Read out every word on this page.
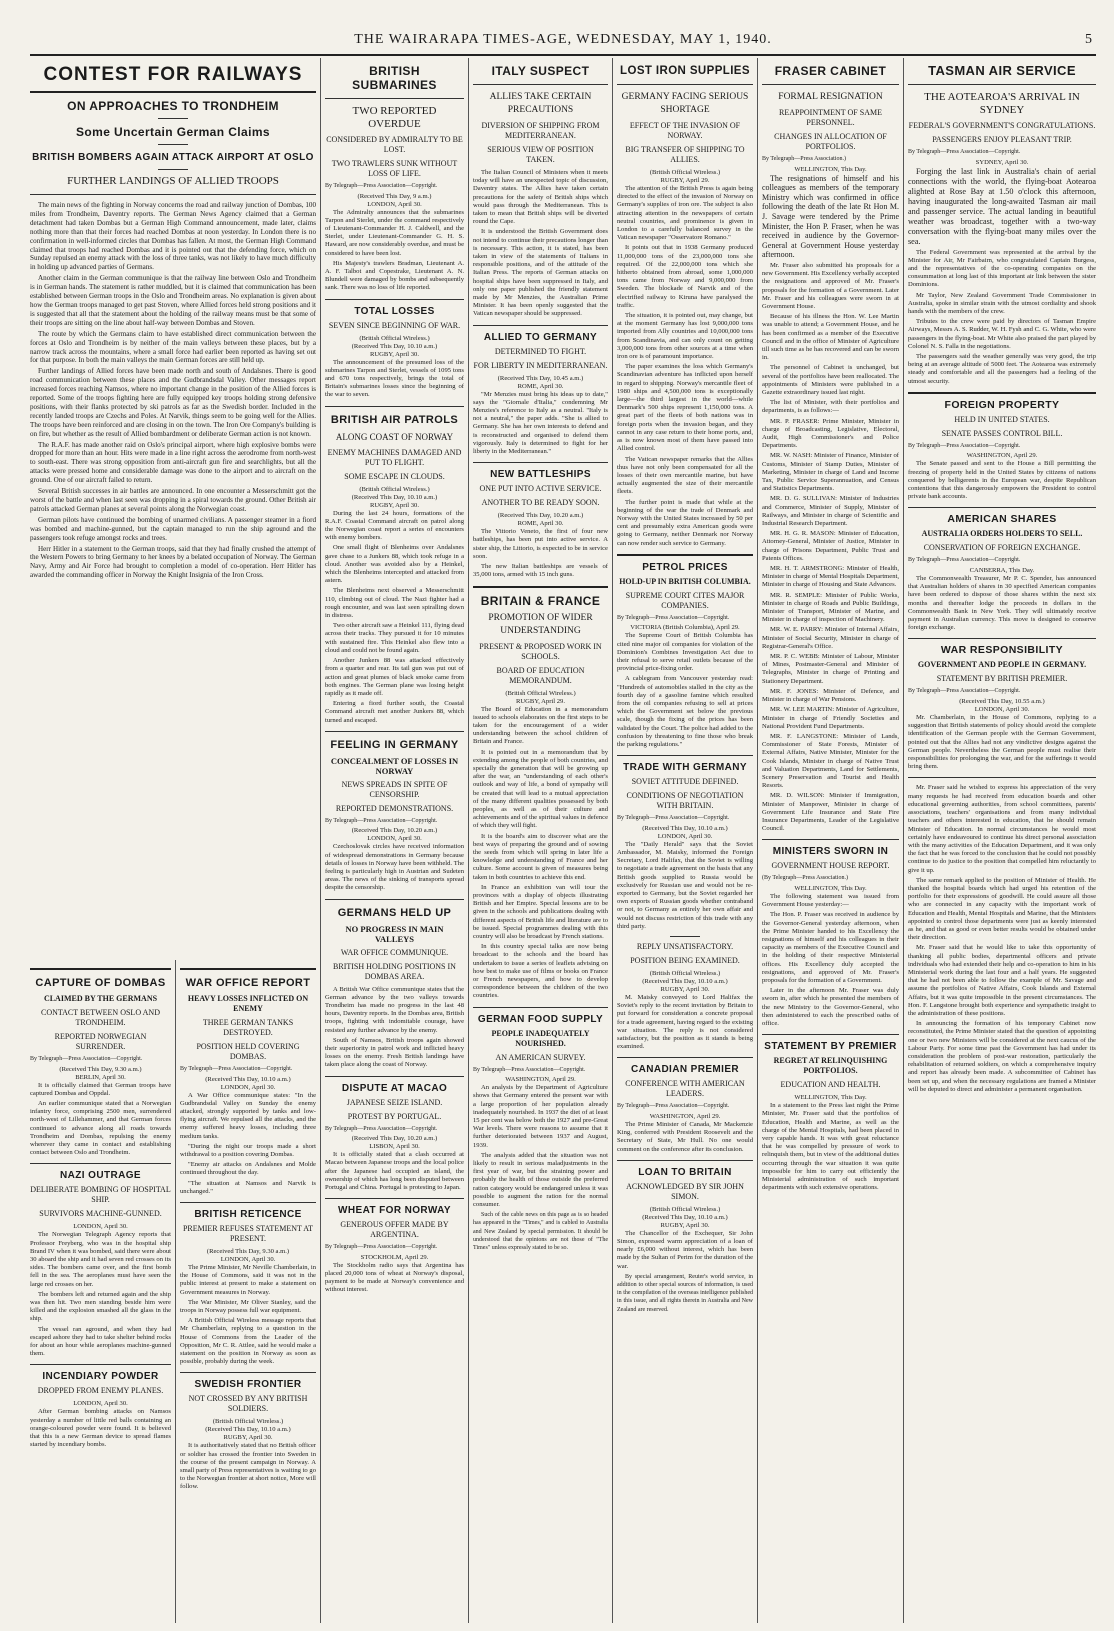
THE WAIRARAPA TIMES-AGE, WEDNESDAY, MAY 1, 1940.	5
CONTEST FOR RAILWAYS
ON APPROACHES TO TRONDHEIM
Some Uncertain German Claims
BRITISH BOMBERS AGAIN ATTACK AIRPORT AT OSLO
FURTHER LANDINGS OF ALLIED TROOPS

The main news of the fighting in Norway concerns the road and railway junction of Dombas, 100 miles from Trondheim, Daventry reports. The German News Agency claimed that a German detachment had taken Dombas but a German High Command announcement, made later, claims nothing more than that their forces had reached Dombas at noon yesterday. In London there is no confirmation in well-informed circles that Dombas has fallen. At most, the German High Command claimed that troops had reached Dombas and it is pointed out that the defending force, which on Sunday repulsed an enemy attack with the loss of three tanks, was not likely to have much difficulty in holding up advanced parties of Germans.

Another claim in the German communique is that the railway line between Oslo and Trondheim is in German hands. The statement is rather muddled, but it is claimed that communication has been established between German troops in the Oslo and Trondheim areas. No explanation is given about how the German troops managed to get past Stoven, where Allied forces held strong positions and it is suggested that all that the statement about the holding of the railway means must be that some of their troops are sitting on the line about half-way between Dombas and Stoven.

The route by which the Germans claim to have established direct communication between the forces at Oslo and Trondheim is by neither of the main valleys between these places, but by a narrow track across the mountains, where a small force had earlier been reported as having set out for that purpose. In both the main valleys the main German forces are still held up.

Further landings of Allied forces have been made north and south of Andalsnes. There is good road communication between these places and the Gudbrandsdal Valley. Other messages report increased forces reaching Namsos, where no important change in the position of the Allied forces is reported. Some of the troops fighting here are fully equipped key troops holding strong defensive positions, with their flanks protected by ski patrols as far as the Swedish border. Included in the recently landed troops are Czechs and Poles. At Narvik, things seem to be going well for the Allies. The troops have been reinforced and are closing in on the town. The Iron Ore Company's building is on fire, but whether as the result of Allied bombardment or deliberate German action is not known.

The R.A.F. has made another raid on Oslo's principal airport, where high explosive bombs were dropped for more than an hour. Hits were made in a line right across the aerodrome from north-west to south-east. There was strong opposition from anti-aircraft gun fire and searchlights, but all the attacks were pressed home and considerable damage was done to the airport and to aircraft on the ground. One of our aircraft failed to return.

Several British successes in air battles are announced. In one encounter a Messerschmitt got the worst of the battle and when last seen was dropping in a spiral towards the ground. Other British air patrols attacked German planes at several points along the Norwegian coast.

German pilots have continued the bombing of unarmed civilians. A passenger steamer in a fiord was bombed and machine-gunned, but the captain managed to run the ship aground and the passengers took refuge amongst rocks and trees.

Herr Hitler in a statement to the German troops, said that they had finally crushed the attempt of the Western Powers to bring Germany to her knees by a belated occupation of Norway. The German Navy, Army and Air Force had brought to completion a model of co-operation. Herr Hitler has awarded the commanding officer in Norway the Knight Insignia of the Iron Cross.

CAPTURE OF DOMBAS
CLAIMED BY THE GERMANS
CONTACT BETWEEN OSLO AND TRONDHEIM.
REPORTED NORWEGIAN SURRENDER.
By Telegraph—Press Association—Copyright.
(Received This Day, 9.30 a.m.)
BERLIN, April 30.

It is officially claimed that German troops have captured Dombas and Oppdal.

An earlier communique stated that a Norwegian infantry force, comprising 2500 men, surrendered north-west of Lillehammer, and that German forces continued to advance along all roads towards Trondheim and Dombas, repulsing the enemy wherever they came in contact and establishing contact between Oslo and Trondheim.

NAZI OUTRAGE
DELIBERATE BOMBING OF HOSPITAL SHIP.
SURVIVORS MACHINE-GUNNED.
LONDON, April 30.

The Norwegian Telegraph Agency reports that Professor Freyberg, who was in the hospital ship Brand IV when it was bombed, said there were about 30 aboard the ship and it had seven red crosses on its sides. The bombers came over, and the first bomb fell in the sea. The aeroplanes must have seen the large red crosses on her.

The bombers left and returned again and the ship was then hit. Two men standing beside him were killed and the explosion smashed all the glass in the ship.

The vessel ran aground, and when they had escaped ashore they had to take shelter behind rocks for about an hour while aeroplanes machine-gunned them.

INCENDIARY POWDER
DROPPED FROM ENEMY PLANES.
LONDON, April 30.

After German bombing attacks on Namsos yesterday a number of little red balls containing an orange-coloured powder were found. It is believed that this is a new German device to spread flames started by incendiary bombs.

WAR OFFICE REPORT
HEAVY LOSSES INFLICTED ON ENEMY
THREE GERMAN TANKS DESTROYED.
POSITION HELD COVERING DOMBAS.
By Telegraph—Press Association—Copyright.
(Received This Day, 10.10 a.m.)
LONDON, April 30.

A War Office communique states: "In the Gudbrandsdal Valley on Sunday the enemy attacked, strongly supported by tanks and low-flying aircraft. We repulsed all the attacks, and the enemy suffered heavy losses, including three medium tanks.

"During the night our troops made a short withdrawal to a position covering Dombas.

"Enemy air attacks on Andalsnes and Molde continued throughout the day.

"The situation at Namsos and Narvik is unchanged."

BRITISH RETICENCE
PREMIER REFUSES STATEMENT AT PRESENT.
(Received This Day, 9.30 a.m.)
LONDON, April 30.

The Prime Minister, Mr Neville Chamberlain, in the House of Commons, said it was not in the public interest at present to make a statement on Government measures in Norway.

The War Minister, Mr Oliver Stanley, said the troops in Norway possess full war equipment.

A British Official Wireless message reports that Mr Chamberlain, replying to a question in the House of Commons from the Leader of the Opposition, Mr C. R. Attlee, said he would make a statement on the position in Norway as soon as possible, probably during the week.

SWEDISH FRONTIER
NOT CROSSED BY ANY BRITISH SOLDIERS.
(British Official Wireless.)
(Received This Day, 10.10 a.m.)
RUGBY, April 30.

It is authoritatively stated that no British officer or soldier has crossed the frontier into Sweden in the course of the present campaign in Norway. A small party of Press representatives is waiting to go to the Norwegian frontier at short notice, More will follow.

BRITISH SUBMARINES
TWO REPORTED OVERDUE
CONSIDERED BY ADMIRALTY TO BE LOST.
TWO TRAWLERS SUNK WITHOUT LOSS OF LIFE.
By Telegraph—Press Association—Copyright.
(Received This Day, 9 a.m.)
LONDON, April 30.

The Admiralty announces that the submarines Tarpon and Sterlet, under the command respectively of Lieutenant-Commander H. J. Caldwell, and the Sterlet, under Lieutenant-Commander G. H. S. Haward, are now considerably overdue, and must be considered to have been lost.

His Majesty's trawlers Bradman, Lieutenant A. A. F. Talbot and Copestrake, Lieutenant A. N. Blundell were damaged by bombs and subsequently sank. There was no loss of life reported.

TOTAL LOSSES
SEVEN SINCE BEGINNING OF WAR.
(British Official Wireless.)
(Received This Day, 10.10 a.m.)
RUGBY, April 30.

The announcement of the presumed loss of the submarines Tarpon and Sterlet, vessels of 1095 tons and 670 tons respectively, brings the total of Britain's submarines losses since the beginning of the war to seven.

BRITISH AIR PATROLS
ALONG COAST OF NORWAY
ENEMY MACHINES DAMAGED AND PUT TO FLIGHT.
SOME ESCAPE IN CLOUDS.
(British Official Wireless.)
(Received This Day, 10.10 a.m.)
RUGBY, April 30.

During the last 24 hours, formations of the R.A.F. Coastal Command aircraft on patrol along the Norwegian coast report a series of encounters with enemy bombers.

One small flight of Blenheims over Andalsnes gave chase to a Junkers 88, which took refuge in a cloud. Another was avoided also by a Heinkel, which the Blenheims intercepted and attacked from astern.

The Blenheims next observed a Messerschmitt 110, climbing out of cloud. The Nazi fighter had a rough encounter, and was last seen spiralling down in distress.

Two other aircraft saw a Heinkel 111, flying dead across their tracks. They pursued it for 10 minutes with sustained fire. This Heinkel also flew into a cloud and could not be found again.

Another Junkers 88 was attacked effectively from a quarter and rear. Its tail gun was put out of action and great plumes of black smoke came from both engines. The German plane was losing height rapidly as it made off.

Entering a fiord further south, the Coastal Command aircraft met another Junkers 88, which turned and escaped.

FEELING IN GERMANY
CONCEALMENT OF LOSSES IN NORWAY
NEWS SPREADS IN SPITE OF CENSORSHIP.
REPORTED DEMONSTRATIONS.
By Telegraph—Press Association—Copyright.
(Received This Day, 10.20 a.m.)
LONDON, April 30.

Czechoslovak circles have received information of widespread demonstrations in Germany because details of losses in Norway have been withheld. The feeling is particularly high in Austrian and Sudeten areas. The news of the sinking of transports spread despite the censorship.

GERMANS HELD UP
NO PROGRESS IN MAIN VALLEYS
WAR OFFICE COMMUNIQUE.
BRITISH HOLDING POSITIONS IN DOMBAS AREA.

A British War Office communique states that the German advance by the two valleys towards Trondheim has made no progress in the last 48 hours, Daventry reports. In the Dombas area, British troops, fighting with indomitable courage, have resisted any further advance by the enemy.

South of Namsos, British troops again showed their superiority in patrol work and inflicted heavy losses on the enemy. Fresh British landings have taken place along the coast of Norway.

DISPUTE AT MACAO
JAPANESE SEIZE ISLAND.
PROTEST BY PORTUGAL.
By Telegraph—Press Association—Copyright.
(Received This Day, 10.20 a.m.)
LISBON, April 30.

It is officially stated that a clash occurred at Macao between Japanese troops and the local police after the Japanese had occupied an island, the ownership of which has long been disputed between Portugal and China. Portugal is protesting to Japan.

WHEAT FOR NORWAY
GENEROUS OFFER MADE BY ARGENTINA.
By Telegraph—Press Association—Copyright.
STOCKHOLM, April 29.

The Stockholm radio says that Argentina has placed 20,000 tons of wheat at Norway's disposal, payment to be made at Norway's convenience and without interest.

ITALY SUSPECT
ALLIES TAKE CERTAIN PRECAUTIONS
DIVERSION OF SHIPPING FROM MEDITERRANEAN.
SERIOUS VIEW OF POSITION TAKEN.

The Italian Council of Ministers when it meets today will have an unexpected topic of discussion, Daventry states. The Allies have taken certain precautions for the safety of British ships which would pass through the Mediterranean. This is taken to mean that British ships will be diverted round the Cape.

It is understood the British Government does not intend to continue their precautions longer than is necessary. This action, it is stated, has been taken in view of the statements of Italians in responsible positions, and of the attitude of the Italian Press. The reports of German attacks on hospital ships have been suppressed in Italy, and only one paper published the friendly statement made by Mr Menzies, the Australian Prime Minister. It has been openly suggested that the Vatican newspaper should be suppressed.

ALLIED TO GERMANY
DETERMINED TO FIGHT.
FOR LIBERTY IN MEDITERRANEAN.
(Received This Day, 10.45 a.m.)
ROME, April 30.

"Mr Menzies must bring his ideas up to date," says the "Giornale d'Italia," condemning Mr Menzies's reference to Italy as a neutral. "Italy is not a neutral," the paper adds. "She is allied to Germany. She has her own interests to defend and is reconstructed and organised to defend them vigorously. Italy is determined to fight for her liberty in the Mediterranean."

NEW BATTLESHIPS
ONE PUT INTO ACTIVE SERVICE.
ANOTHER TO BE READY SOON.
(Received This Day, 10.20 a.m.)
ROME, April 30.

The Vittorio Veneto, the first of four new battleships, has been put into active service. A sister ship, the Littorio, is expected to be in service soon.

The new Italian battleships are vessels of 35,000 tons, armed with 15 inch guns.

BRITAIN & FRANCE
PROMOTION OF WIDER UNDERSTANDING
PRESENT & PROPOSED WORK IN SCHOOLS.
BOARD OF EDUCATION MEMORANDUM.
(British Official Wireless.)
RUGBY, April 29.

The Board of Education in a memorandum issued to schools elaborates on the first steps to be taken for the encouragement of a wider understanding between the school children of Britain and France.

It is pointed out in a memorandum that by extending among the people of both countries, and specially the generation that will be growing up after the war, an "understanding of each other's outlook and way of life, a bond of sympathy will be created that will lead to a mutual appreciation of the many different qualities possessed by both peoples, as well as of their culture and achievements and of the spiritual values in defence of which they will fight.

It is the board's aim to discover what are the best ways of preparing the ground and of sowing the seeds from which will spring in later life a knowledge and understanding of France and her culture. Some account is given of measures being taken in both countries to achieve this end.

In France an exhibition van will tour the provinces with a display of objects illustrating British and her Empire. Special lessons are to be given in the schools and publications dealing with different aspects of British life and literature are to be issued. Special programmes dealing with this country will also be broadcast by French stations.

In this country special talks are now being broadcast to the schools and the board has undertaken to issue a series of leaflets advising on how best to make use of films or books on France or French newspapers, and how to develop correspondence between the children of the two countries.

GERMAN FOOD SUPPLY
PEOPLE INADEQUATELY NOURISHED.
AN AMERICAN SURVEY.
By Telegraph—Press Association—Copyright.
WASHINGTON, April 29.

An analysis by the Department of Agriculture shows that Germany entered the present war with a large proportion of her population already inadequately nourished. In 1937 the diet of at least 15 per cent was below both the 1927 and pre-Great War levels. There were reasons to assume that it further deteriorated between 1937 and August, 1939.

The analysis added that the situation was not likely to result in serious maladjustments in the first year of war, but the straining power and probably the health of those outside the preferred ration category would be endangered unless it was possible to augment the ration for the normal consumer.

Such of the cable news on this page as is so headed has appeared in the "Times," and is cabled to Australia and New Zealand by special permission. It should be understood that the opinions are not those of "The Times" unless expressly stated to be so.

LOST IRON SUPPLIES
GERMANY FACING SERIOUS SHORTAGE
EFFECT OF THE INVASION OF NORWAY.
BIG TRANSFER OF SHIPPING TO ALLIES.
(British Official Wireless.)
RUGBY, April 29.

The attention of the British Press is again being directed to the effect of the invasion of Norway on Germany's supplies of iron ore. The subject is also attracting attention in the newspapers of certain neutral countries, and prominence is given in London to a carefully balanced survey in the Vatican newspaper "Osservatore Romano."

It points out that in 1938 Germany produced 11,000,000 tons of the 23,000,000 tons she required. Of the 22,000,000 tons which she hitherto obtained from abroad, some 1,000,000 tons came from Norway and 9,000,000 from Sweden. The blockade of Narvik and of the electrified railway to Kiruna have paralysed the traffic.

The situation, it is pointed out, may change, but at the moment Germany has lost 9,000,000 tons imported from Ally countries and 10,000,000 tons from Scandinavia, and can only count on getting 3,000,000 tons from other sources at a time when iron ore is of paramount importance.

The paper examines the loss which Germany's Scandinavian adventure has inflicted upon herself in regard to shipping. Norway's mercantile fleet of 1980 ships and 4,500,000 tons is exceptionally large—the third largest in the world—while Denmark's 500 ships represent 1,150,000 tons. A great part of the fleets of both nations was in foreign ports when the invasion began, and they cannot in any case return to their home ports, and, as is now known most of them have passed into Allied control.

The Vatican newspaper remarks that the Allies thus have not only been compensated for all the losses of their own mercantile marine, but have actually augmented the size of their mercantile fleets.

The further point is made that while at the beginning of the war the trade of Denmark and Norway with the United States increased by 50 per cent and presumably extra American goods were going to Germany, neither Denmark nor Norway can now render such service to Germany.

PETROL PRICES
HOLD-UP IN BRITISH COLUMBIA.
SUPREME COURT CITES MAJOR COMPANIES.
By Telegraph—Press Association—Copyright.
VICTORIA (British Columbia), April 29.

The Supreme Court of British Columbia has cited nine major oil companies for violation of the Dominion's Combines Investigation Act due to their refusal to serve retail outlets because of the provincial price-fixing order.

A cablegram from Vancouver yesterday read: "Hundreds of automobiles stalled in the city as the fourth day of a gasoline famine which resulted from the oil companies refusing to sell at prices which the Government set below the previous scale, though the fixing of the prices has been validated by the Court. The police had added to the confusion by threatening to fine those who break the parking regulations."

TRADE WITH GERMANY
SOVIET ATTITUDE DEFINED.
CONDITIONS OF NEGOTIATION WITH BRITAIN.
By Telegraph—Press Association—Copyright.
(Received This Day, 10.10 a.m.)
LONDON, April 30.

The "Daily Herald" says that the Soviet Ambassador, M. Maisky, informed the Foreign Secretary, Lord Halifax, that the Soviet is willing to negotiate a trade agreement on the basis that any British goods supplied to Russia would be exclusively for Russian use and would not be re-exported to Germany, but the Soviet regarded her own exports of Russian goods whether contraband or not, to Germany as entirely her own affair and would not discuss restriction of this trade with any third party.

REPLY UNSATISFACTORY.
POSITION BEING EXAMINED.
(British Official Wireless.)
(Received This Day, 10.10 a.m.)
RUGBY, April 30.

M. Maisky conveyed to Lord Halifax the Soviet's reply to the recent invitation by Britain to put forward for consideration a concrete proposal for a trade agreement, having regard to the existing war situation. The reply is not considered satisfactory, but the position as it stands is being examined.

CANADIAN PREMIER
CONFERENCE WITH AMERICAN LEADERS.
By Telegraph—Press Association—Copyright.
WASHINGTON, April 29.

The Prime Minister of Canada, Mr Mackenzie King, conferred with President Roosevelt and the Secretary of State, Mr Hull. No one would comment on the conference after its conclusion.

LOAN TO BRITAIN
ACKNOWLEDGED BY SIR JOHN SIMON.
(British Official Wireless.)
(Received This Day, 10.10 a.m.)
RUGBY, April 30.

The Chancellor of the Exchequer, Sir John Simon, expressed warm appreciation of a loan of nearly £6,000 without interest, which has been made by the Sultan of Perim for the duration of the war.

By special arrangement, Reuter's world service, in addition to other special sources of information, is used in the compilation of the overseas intelligence published in this issue, and all rights therein in Australia and New Zealand are reserved.

FRASER CABINET
FORMAL RESIGNATION
REAPPOINTMENT OF SAME PERSONNEL.
CHANGES IN ALLOCATION OF PORTFOLIOS.
By Telegraph—Press Association.)
WELLINGTON, This Day.

The resignations of himself and his colleagues as members of the temporary Ministry which was confirmed in office following the death of the late Rt Hon M. J. Savage were tendered by the Prime Minister, the Hon P. Fraser, when he was received in audience by the Governor-General at Government House yesterday afternoon.

Mr. Fraser also submitted his proposals for a new Government. His Excellency verbally accepted the resignations and approved of Mr. Fraser's proposals for the formation of a Government. Later Mr. Fraser and his colleagues were sworn in at Government House.

Because of his illness the Hon. W. Lee Martin was unable to attend; a Government House, and he has been confirmed as a member of the Executive Council and in the office of Minister of Agriculture till such time as he has recovered and can be sworn in.

The personnel of Cabinet is unchanged, but several of the portfolios have been reallocated. The appointments of Ministers were published in a Gazette extraordinary issued last night.

The list of Minister, with their portfolios and departments, is as follows:—

MR. P. FRASER: Prime Minister, Minister in charge of Broadcasting, Legislative, Electoral, Audit, High Commissioner's and Police Departments.

MR. W. NASH: Minister of Finance, Minister of Customs, Minister of Stamp Duties, Minister of Marketing, Minister in charge of Land and Income Tax, Public Service Superannuation, and Census and Statistics Departments.

MR. D. G. SULLIVAN: Minister of Industries and Commerce, Minister of Supply, Minister of Railways, and Minister in charge of Scientific and Industrial Research Department.

MR. H. G. R. MASON: Minister of Education, Attorney-General, Minister of Justice, Minister in charge of Prisons Department, Public Trust and Patents Offices.

MR. H. T. ARMSTRONG: Minister of Health, Minister in charge of Mental Hospitals Department, Minister in charge of Housing and State Advances.

MR. R. SEMPLE: Minister of Public Works, Minister in charge of Roads and Public Buildings, Minister of Transport, Minister of Marine, and Minister in charge of inspection of Machinery.

MR. W. E. PARRY: Minister of Internal Affairs, Minister of Social Security, Minister in charge of Registrar-General's Office.

MR. P. C. WEBB: Minister of Labour, Minister of Mines, Postmaster-General and Minister of Telegraphs, Minister in charge of Printing and Stationery Department.

MR. F. JONES: Minister of Defence, and Minister in charge of War Pensions.

MR. W. LEE MARTIN: Minister of Agriculture, Minister in charge of Friendly Societies and National Provident Fund Departments.

MR. F. LANGSTONE: Minister of Lands, Commissioner of State Forests, Minister of External Affairs, Native Minister, Minister for the Cook Islands, Minister in charge of Native Trust and Valuation Departments, Land for Settlements, Scenery Preservation and Tourist and Health Resorts.

MR. D. WILSON: Minister if Immigration, Minister of Manpower, Minister in charge of Government Life Insurance and State Fire Insurance Departments, Leader of the Legislative Council.

MINISTERS SWORN IN
GOVERNMENT HOUSE REPORT.
(By Telegraph—Press Association.)
WELLINGTON, This Day.

The following statement was issued from Government House yesterday:—

The Hon. P. Fraser was received in audience by the Governor-General yesterday afternoon, when the Prime Minister handed to his Excellency the resignations of himself and his colleagues in their capacity as members of the Executive Council and in the holding of their respective Ministerial offices. His Excellency duly accepted the resignations, and approved of Mr. Fraser's proposals for the formation of a Government.

Later in the afternoon Mr. Fraser was duly sworn in, after which he presented the members of the new Ministry to the Governor-General, who then administered to each the prescribed oaths of office.

STATEMENT BY PREMIER
REGRET AT RELINQUISHING PORTFOLIOS.
EDUCATION AND HEALTH.
WELLINGTON, This Day.

In a statement to the Press last night the Prime Minister, Mr. Fraser said that the portfolios of Education, Health and Marine, as well as the charge of the Mental Hospitals, had been placed in very capable hands. It was with great reluctance that he was compelled by pressure of work to relinquish them, but in view of the additional duties occurring through the war situation it was quite impossible for him to carry out efficiently the Ministerial administration of such important departments with such extensive operations.

TASMAN AIR SERVICE
THE AOTEAROA'S ARRIVAL IN SYDNEY
FEDERAL'S GOVERNMENT'S CONGRATULATIONS.
PASSENGERS ENJOY PLEASANT TRIP.
By Telegraph—Press Association—Copyright.
SYDNEY, April 30.

Forging the last link in Australia's chain of aerial connections with the world, the flying-boat Aotearoa alighted at Rose Bay at 1.50 o'clock this afternoon, having inaugurated the long-awaited Tasman air mail and passenger service. The actual landing in beautiful weather was broadcast, together with a two-way conversation with the flying-boat many miles over the sea.

The Federal Government was represented at the arrival by the Minister for Air, Mr Fairbairn, who congratulated Captain Burgess, and the representatives of the co-operating companies on the consummation at long last of this important air link between the sister Dominions.

Mr Taylor, New Zealand Government Trade Commissioner in Australia, spoke in similar strain with the utmost cordiality and shook hands with the members of the crew.

Tributes to the crew were paid by directors of Tasman Empire Airways, Messrs A. S. Rudder, W. H. Fysh and C. G. White, who were passengers in the flying-boat. Mr White also praised the part played by Colonel N. S. Falla in the negotiations.

The passengers said the weather generally was very good, the trip being at an average altitude of 5000 feet. The Aotearoa was extremely steady and comfortable and all the passengers had a feeling of the utmost security.

FOREIGN PROPERTY
HELD IN UNITED STATES.
SENATE PASSES CONTROL BILL.
By Telegraph—Press Association—Copyright.
WASHINGTON, April 29.

The Senate passed and sent to the House a Bill permitting the freezing of property held in the United States by citizens of nations conquered by belligerents in the European war, despite Republican contentions that this dangerously empowers the President to control private bank accounts.

AMERICAN SHARES
AUSTRALIA ORDERS HOLDERS TO SELL.
CONSERVATION OF FOREIGN EXCHANGE.
By Telegraph—Press Association—Copyright.
CANBERRA, This Day.

The Commonwealth Treasurer, Mr P. C. Spender, has announced that Australian holders of shares in 30 specified American companies have been ordered to dispose of those shares within the next six months and thereafter lodge the proceeds in dollars in the Commonwealth Bank in New York. They will ultimately receive payment in Australian currency. This move is designed to conserve foreign exchange.

WAR RESPONSIBILITY
GOVERNMENT AND PEOPLE IN GERMANY.
STATEMENT BY BRITISH PREMIER.
By Telegraph—Press Association—Copyright.
(Received This Day, 10.55 a.m.)
LONDON, April 30.

Mr. Chamberlain, in the House of Commons, replying to a suggestion that British statements of policy should avoid the complete identification of the German people with the German Government, pointed out that the Allies had not any vindictive designs against the German people. Nevertheless the German people must realise their responsibilities for prolonging the war, and for the sufferings it would bring them.

Mr. Fraser said he wished to express his appreciation of the very many requests he had received from education boards and other educational governing authorities, from school committees, parents' associations, teachers' organisations and from many individual teachers and others interested in education, that he should remain Minister of Education. In normal circumstances he would most certainly have endeavoured to continue his direct personal association with the many activities of the Education Department, and it was only the fact that he was forced to the conclusion that he could not possibly continue to do justice to the position that compelled him reluctantly to give it up.

The same remark applied to the position of Minister of Health. He thanked the hospital boards which had urged his retention of the portfolio for their expressions of goodwill. He could assure all those who are connected in any capacity with the important work of Education and Health, Mental Hospitals and Marine, that the Ministers appointed to control those departments were just as keenly interested as he, and that as good or even better results would be obtained under their direction.

Mr. Fraser said that he would like to take this opportunity of thanking all public bodies, departmental officers and private individuals who had extended their help and co-operation to him in his Ministerial work during the last four and a half years. He suggested that he had not been able to follow the example of Mr. Savage and assume the portfolios of Native Affairs, Cook Islands and External Affairs, but it was quite impossible in the present circumstances. The Hon. F. Langstone brought both experience and sympathetic insight to the administration of these positions.

In announcing the formation of his temporary Cabinet now reconstituted, the Prime Minister stated that the question of appointing one or two new Ministers will be considered at the next caucus of the Labour Party. For some time past the Government has had under its consideration the problem of post-war restoration, particularly the rehabilitation of returned soldiers, on which a comprehensive inquiry and report has already been made. A subcommittee of Cabinet has been set up, and when the necessary regulations are framed a Minister will be deputed to direct and administer a permanent organisation.
